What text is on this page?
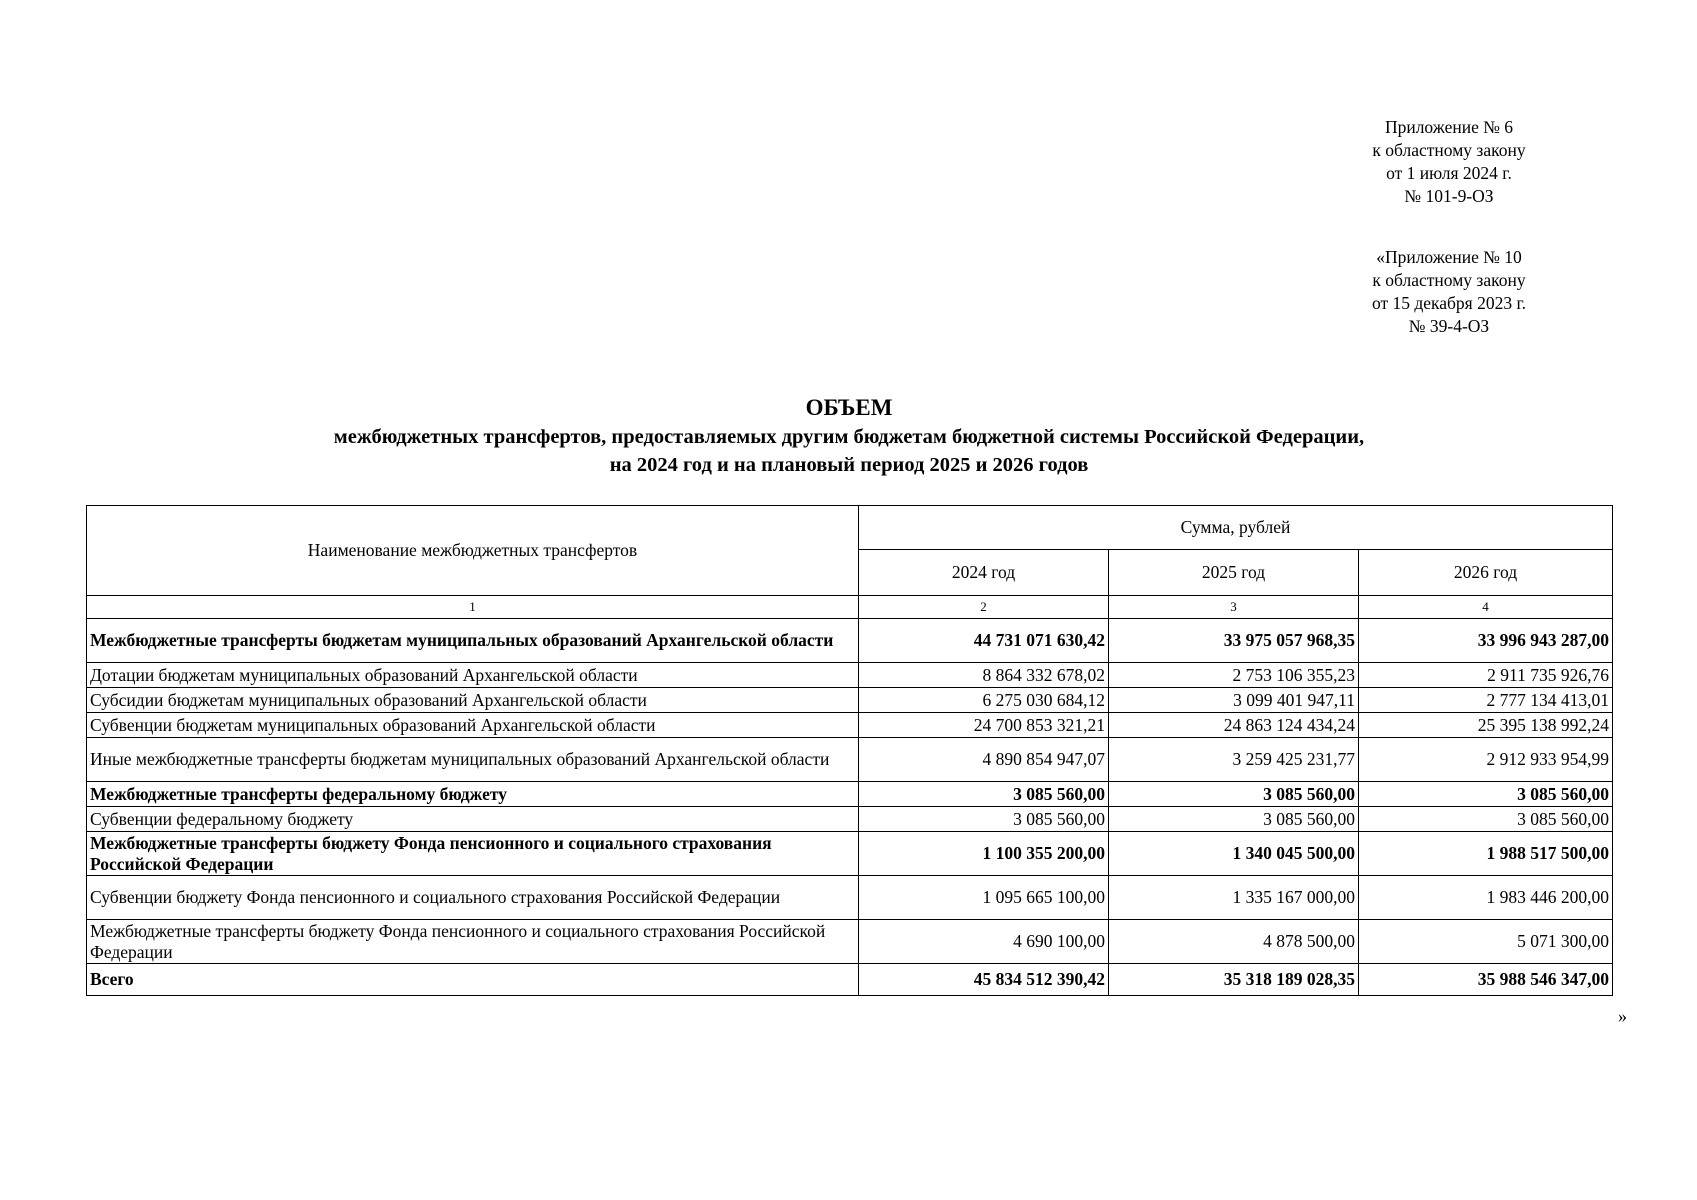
Приложение № 6
к областному закону
от 1 июля 2024 г.
№ 101-9-ОЗ
«Приложение № 10
к областному закону
от 15 декабря 2023 г.
№ 39-4-ОЗ
ОБЪЕМ
межбюджетных трансфертов, предоставляемых другим бюджетам бюджетной системы Российской Федерации,
на 2024 год и на плановый период 2025 и 2026 годов
Наименование межбюджетных трансфертов	Сумма, рублей		
	2024 год	2025 год	2026 год
1	2	3	4
Межбюджетные трансферты бюджетам муниципальных образований Архангельской области	44 731 071 630,42	33 975 057 968,35	33 996 943 287,00
Дотации бюджетам муниципальных образований Архангельской области	8 864 332 678,02	2 753 106 355,23	2 911 735 926,76
Субсидии бюджетам муниципальных образований Архангельской области	6 275 030 684,12	3 099 401 947,11	2 777 134 413,01
Субвенции бюджетам муниципальных образований Архангельской области	24 700 853 321,21	24 863 124 434,24	25 395 138 992,24
Иные межбюджетные трансферты бюджетам муниципальных образований Архангельской области	4 890 854 947,07	3 259 425 231,77	2 912 933 954,99
Межбюджетные трансферты федеральному бюджету	3 085 560,00	3 085 560,00	3 085 560,00
Субвенции федеральному бюджету	3 085 560,00	3 085 560,00	3 085 560,00
Межбюджетные трансферты бюджету Фонда пенсионного и социального страхования Российской Федерации	1 100 355 200,00	1 340 045 500,00	1 988 517 500,00
Субвенции бюджету Фонда пенсионного и социального страхования Российской Федерации	1 095 665 100,00	1 335 167 000,00	1 983 446 200,00
Межбюджетные трансферты бюджету Фонда пенсионного и социального страхования Российской Федерации	4 690 100,00	4 878 500,00	5 071 300,00
Всего	45 834 512 390,42	35 318 189 028,35	35 988 546 347,00
»
